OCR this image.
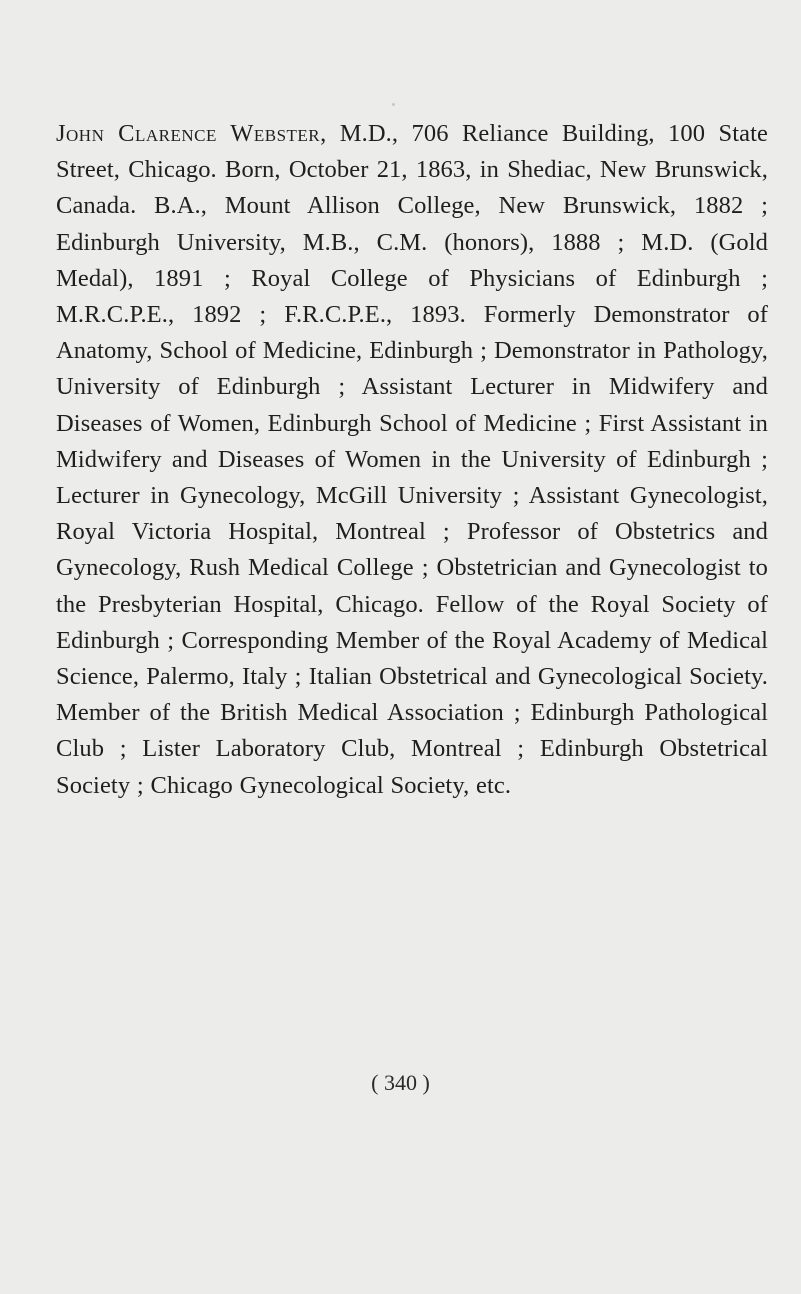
John Clarence Webster, M.D., 706 Reliance Building, 100 State Street, Chicago. Born, October 21, 1863, in Shediac, New Brunswick, Canada. B.A., Mount Allison College, New Brunswick, 1882 ; Edinburgh University, M.B., C.M. (honors), 1888 ; M.D. (Gold Medal), 1891 ; Royal College of Physicians of Edinburgh ; M.R.C.P.E., 1892 ; F.R.C.P.E., 1893. Formerly Demonstrator of Anatomy, School of Medicine, Edinburgh ; Demonstrator in Pathology, University of Edinburgh ; Assistant Lecturer in Midwifery and Diseases of Women, Edinburgh School of Medicine ; First Assistant in Midwifery and Diseases of Women in the University of Edinburgh ; Lecturer in Gynecology, McGill University ; Assistant Gynecologist, Royal Victoria Hospital, Montreal ; Professor of Obstetrics and Gynecology, Rush Medical College ; Obstetrician and Gynecologist to the Presbyterian Hospital, Chicago. Fellow of the Royal Society of Edinburgh ; Corresponding Member of the Royal Academy of Medical Science, Palermo, Italy ; Italian Obstetrical and Gynecological Society. Member of the British Medical Association ; Edinburgh Pathological Club ; Lister Laboratory Club, Montreal ; Edinburgh Obstetrical Society ; Chicago Gynecological Society, etc.

( 340 )
